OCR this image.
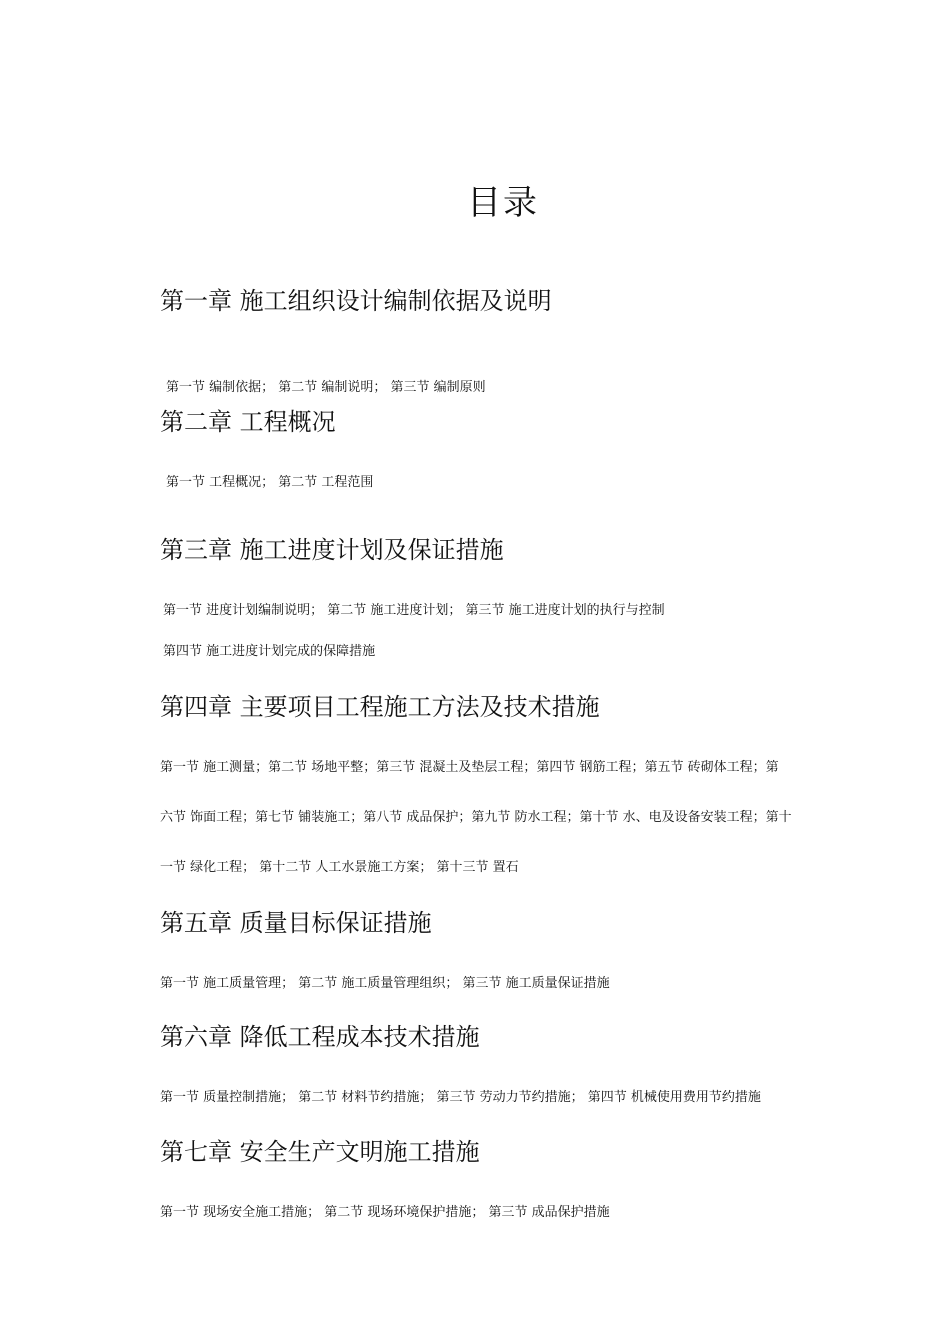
目录
第一章 施工组织设计编制依据及说明
第一节 编制依据； 第二节 编制说明； 第三节 编制原则
第二章 工程概况
第一节 工程概况； 第二节 工程范围
第三章 施工进度计划及保证措施
第一节 进度计划编制说明； 第二节 施工进度计划； 第三节 施工进度计划的执行与控制
第四节 施工进度计划完成的保障措施
第四章 主要项目工程施工方法及技术措施
第一节 施工测量；第二节 场地平整；第三节 混凝土及垫层工程；第四节 钢筋工程；第五节 砖砌体工程；第
六节 饰面工程；第七节 铺装施工；第八节 成品保护；第九节 防水工程；第十节 水、电及设备安装工程；第十
一节 绿化工程； 第十二节 人工水景施工方案； 第十三节 置石
第五章 质量目标保证措施
第一节 施工质量管理； 第二节 施工质量管理组织； 第三节 施工质量保证措施
第六章 降低工程成本技术措施
第一节 质量控制措施； 第二节 材料节约措施； 第三节 劳动力节约措施； 第四节 机械使用费用节约措施
第七章 安全生产文明施工措施
第一节 现场安全施工措施； 第二节 现场环境保护措施； 第三节 成品保护措施
